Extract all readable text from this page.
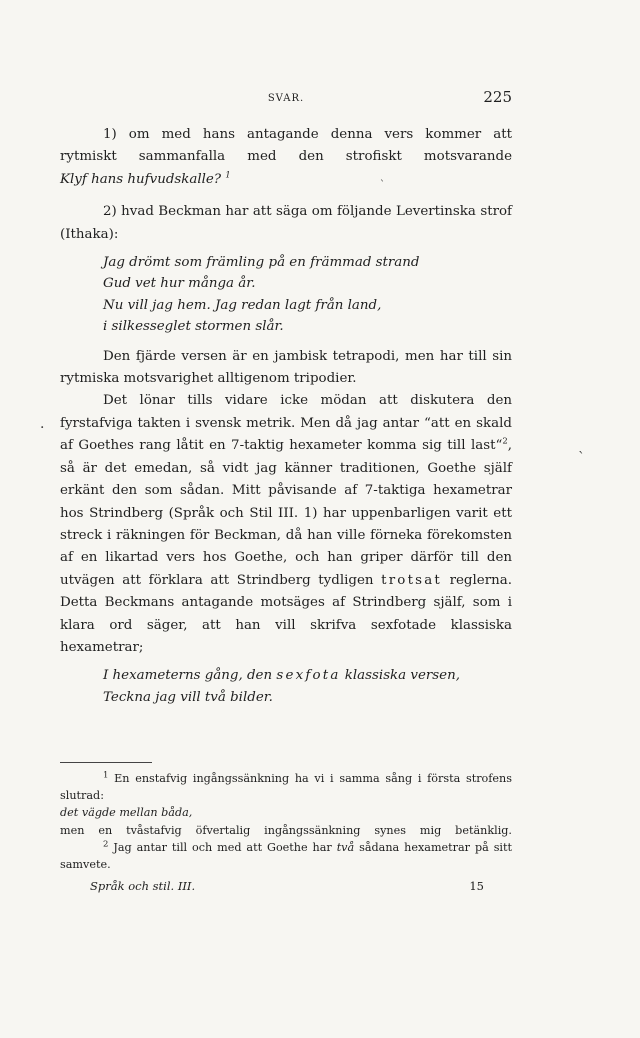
SVAR.	225

1) om med hans antagande denna vers kommer att

rytmiskt sammanfalla med den strofiskt motsvarande

Klyf hans hufvudskalle? $^1$

2) hvad Beckman har att säga om följande Levertinska strof (Ithaka):

Jag drömt som främling på en främmad strand
Gud vet hur många år.
Nu vill jag hem. Jag redan lagt från land,
i silkesseglet stormen slår.

Den fjärde versen är en jambisk tetrapodi, men har till sin rytmiska motsvarighet alltigenom tripodier.

Det lönar tills vidare icke mödan att diskutera den fyrstafviga takten i svensk metrik. Men då jag antar “att en skald af Goethes rang låtit en 7-taktig hexameter komma sig till last“$^2$, så är det emedan, så vidt jag känner traditionen, Goethe själf erkänt den som sådan. Mitt påvisande af 7-taktiga hexametrar hos Strindberg (Språk och Stil III. 1) har uppenbarligen varit ett streck i räkningen för Beckman, då han ville förneka förekomsten af en likartad vers hos Goethe, och han griper därför till den utvägen att förklara att Strindberg tydligen trotsat reglerna. Detta Beckmans antagande motsäges af Strindberg själf, som i klara ord säger, att han vill skrifva sexfotade klassiska hexametrar;

I hexameterns gång, den sexfota klassiska versen,
Teckna jag vill två bilder.

$^1$ En enstafvig ingångssänkning ha vi i samma sång i första strofens slutrad:

det vägde mellan båda,

men en tvåstafvig öfvertalig ingångssänkning synes mig betänklig.

$^2$ Jag antar till och med att Goethe har två sådana hexametrar på sitt samvete.

Språk och stil. III.	15
·
`
`
